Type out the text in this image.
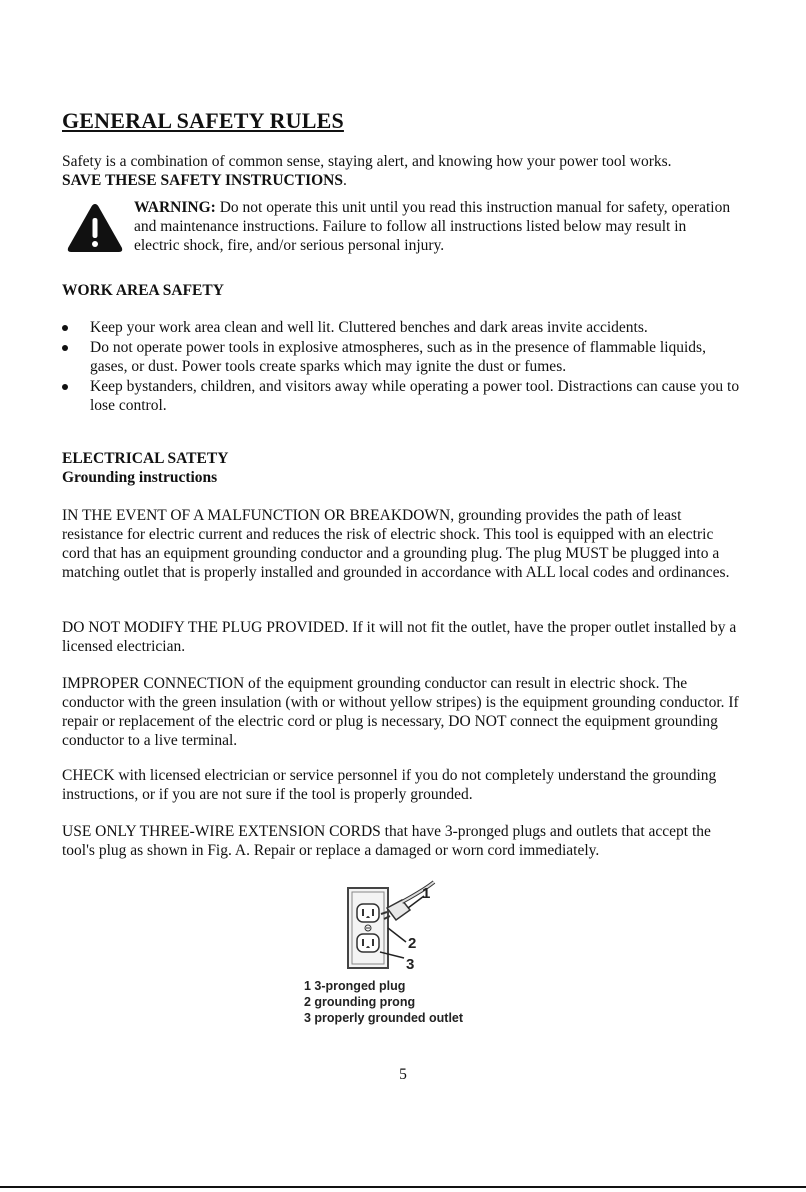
GENERAL SAFETY RULES

Safety is a combination of common sense, staying alert, and knowing how your power tool works.
SAVE THESE SAFETY INSTRUCTIONS.

WARNING: Do not operate this unit until you read this instruction manual for safety, operation and maintenance instructions. Failure to follow all instructions listed below may result in electric shock, fire, and/or serious personal injury.

WORK AREA SAFETY

Keep your work area clean and well lit. Cluttered benches and dark areas invite accidents.
Do not operate power tools in explosive atmospheres, such as in the presence of flammable liquids, gases, or dust. Power tools create sparks which may ignite the dust or fumes.
Keep bystanders, children, and visitors away while operating a power tool. Distractions can cause you to lose control.

ELECTRICAL SATETY

Grounding instructions

IN THE EVENT OF A MALFUNCTION OR BREAKDOWN, grounding provides the path of least resistance for electric current and reduces the risk of electric shock. This tool is equipped with an electric cord that has an equipment grounding conductor and a grounding plug. The plug MUST be plugged into a matching outlet that is properly installed and grounded in accordance with ALL local codes and ordinances.

DO NOT MODIFY THE PLUG PROVIDED. If it will not fit the outlet, have the proper outlet installed by a licensed electrician.

IMPROPER CONNECTION of the equipment grounding conductor can result in electric shock. The conductor with the green insulation (with or without yellow stripes) is the equipment grounding conductor. If repair or replacement of the electric cord or plug is necessary, DO NOT connect the equipment grounding conductor to a live terminal.

CHECK with licensed electrician or service personnel if you do not completely understand the grounding instructions, or if you are not sure if the tool is properly grounded.

USE ONLY THREE-WIRE EXTENSION CORDS that have 3-pronged plugs and outlets that accept the tool's plug as shown in Fig. A. Repair or replace a damaged or worn cord immediately.

1
2
3
1 3-pronged plug
2 grounding prong
3 properly grounded outlet
5
